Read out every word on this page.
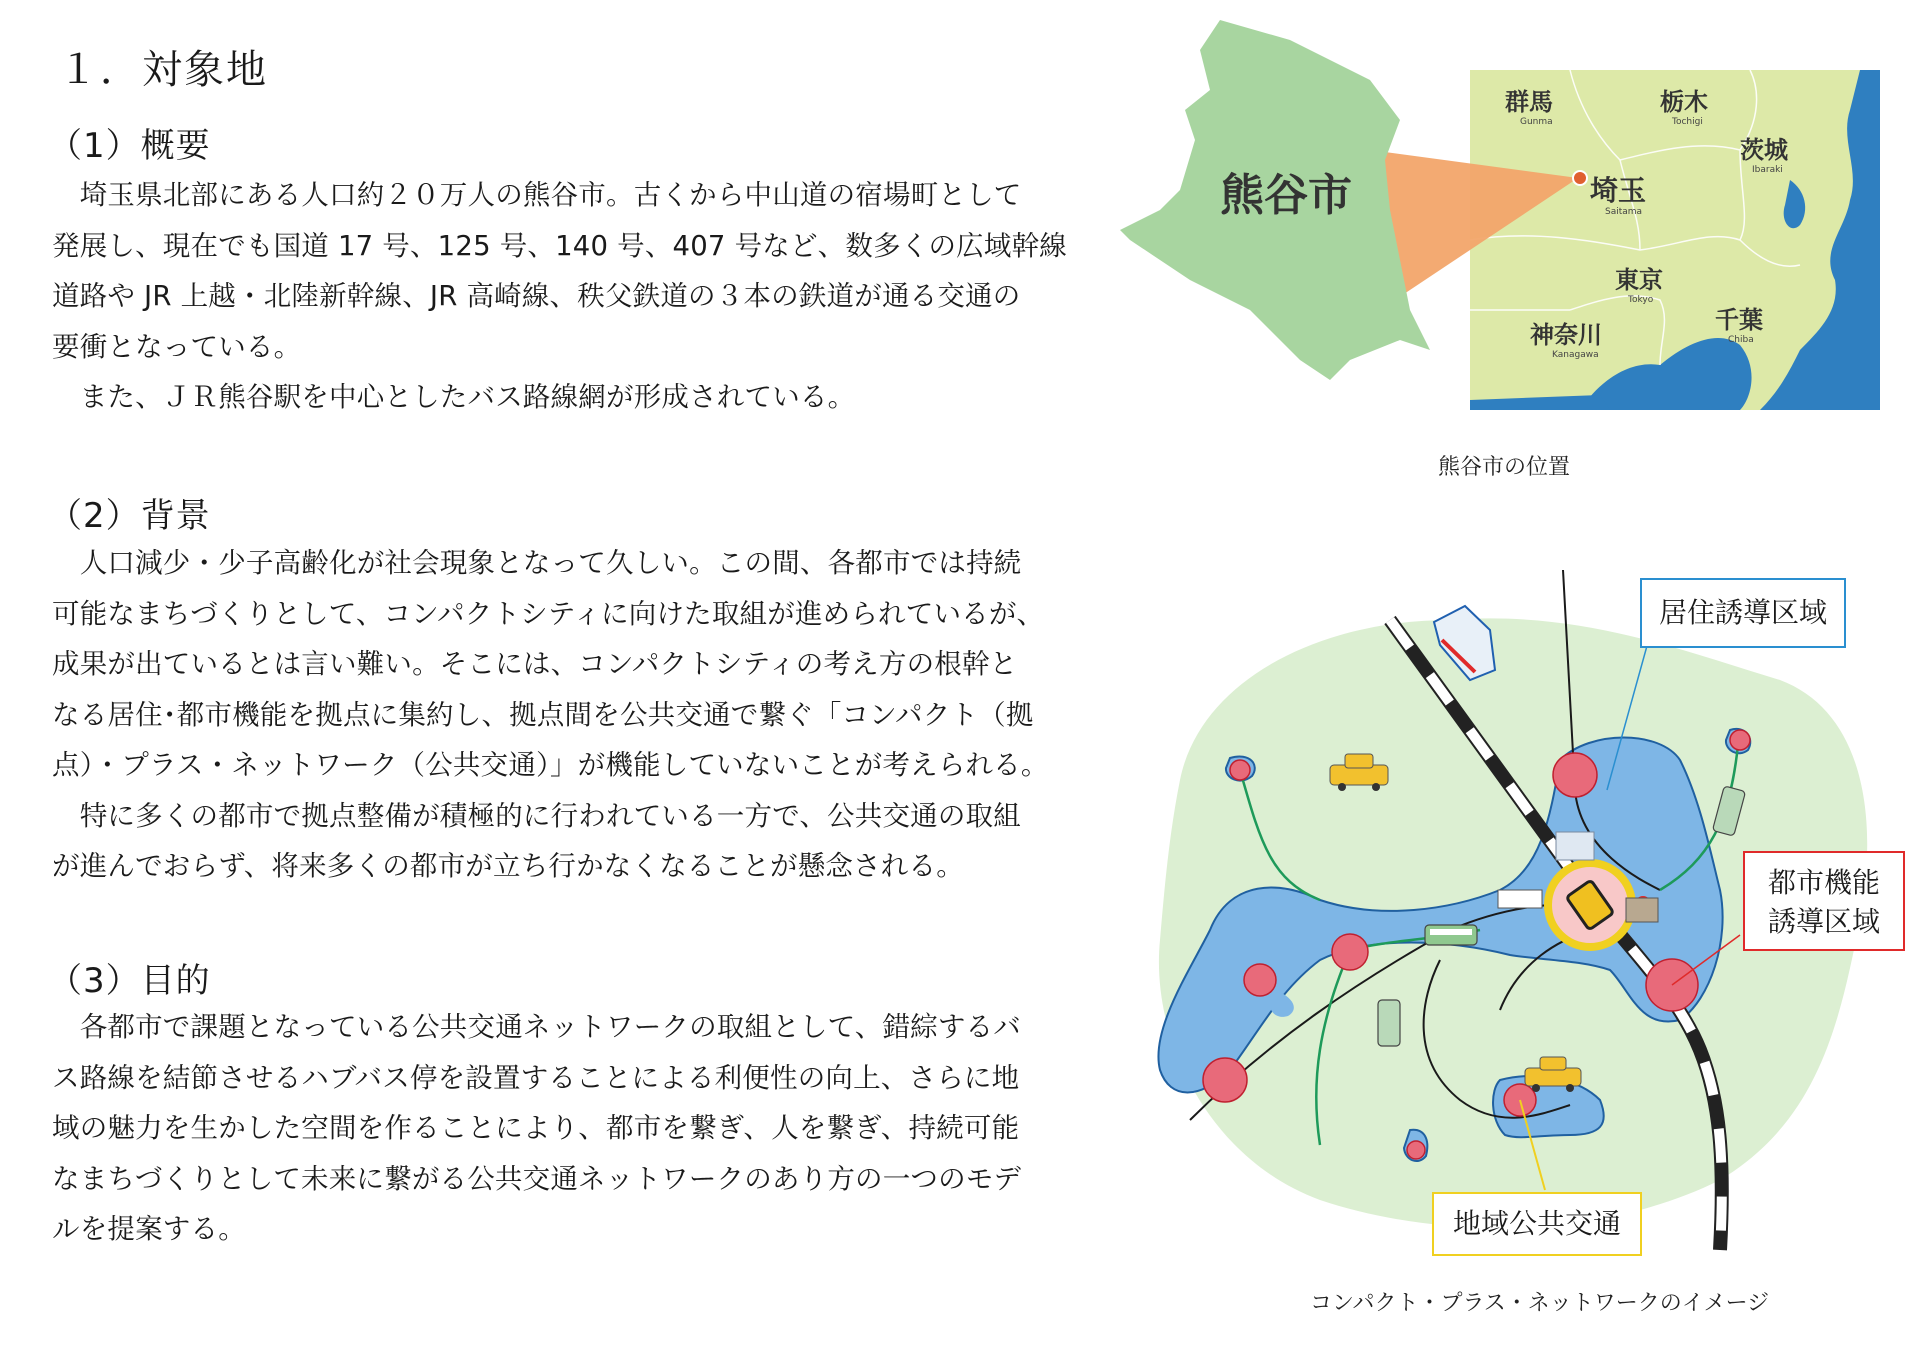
１．対象地
（1）概要
　埼玉県北部にある人口約２０万人の熊谷市。古くから中山道の宿場町として
発展し、現在でも国道 17 号、125 号、140 号、407 号など、数多くの広域幹線
道路や JR 上越・北陸新幹線、JR 高崎線、秩父鉄道の３本の鉄道が通る交通の
要衝となっている。
　また、ＪＲ熊谷駅を中心としたバス路線網が形成されている。
（2）背景
　人口減少・少子高齢化が社会現象となって久しい。この間、各都市では持続
可能なまちづくりとして、コンパクトシティに向けた取組が進められているが、
成果が出ているとは言い難い。そこには、コンパクトシティの考え方の根幹と
なる居住･都市機能を拠点に集約し、拠点間を公共交通で繋ぐ「コンパクト（拠
点）・プラス・ネットワーク（公共交通）」が機能していないことが考えられる。
　特に多くの都市で拠点整備が積極的に行われている一方で、公共交通の取組
が進んでおらず、将来多くの都市が立ち行かなくなることが懸念される。
（3）目的
　各都市で課題となっている公共交通ネットワークの取組として、錯綜するバ
ス路線を結節させるハブバス停を設置することによる利便性の向上、さらに地
域の魅力を生かした空間を作ることにより、都市を繋ぎ、人を繋ぎ、持続可能
なまちづくりとして未来に繋がる公共交通ネットワークのあり方の一つのモデ
ルを提案する。
熊谷市
群馬
Gunma
栃木
Tochigi
茨城
Ibaraki
埼玉
Saitama
東京
Tokyo
千葉
Chiba
神奈川
Kanagawa
熊谷市の位置
居住誘導区域
都市機能
誘導区域
地域公共交通
コンパクト・プラス・ネットワークのイメージ
